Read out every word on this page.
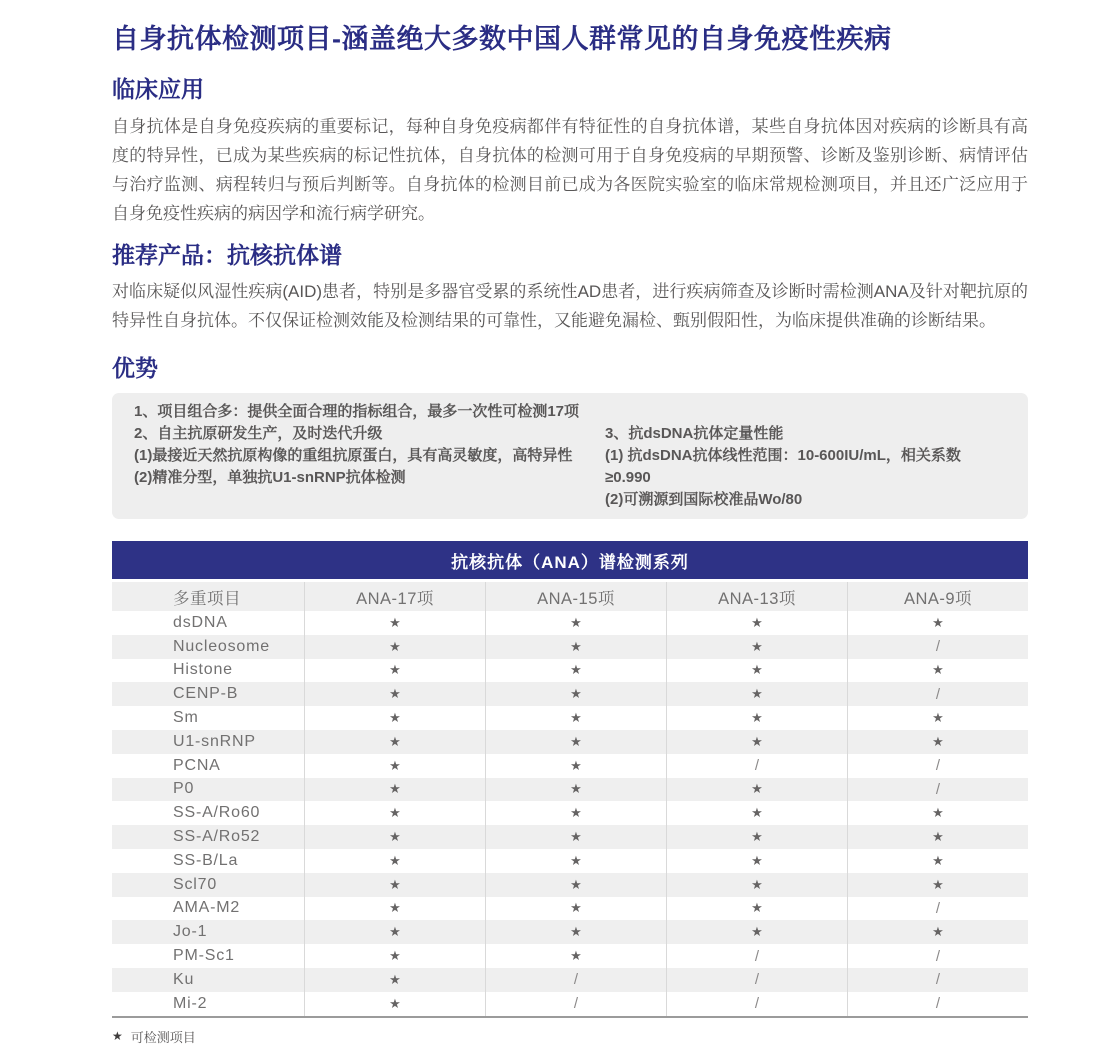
自身抗体检测项目-涵盖绝大多数中国人群常见的自身免疫性疾病
临床应用

自身抗体是自身免疫疾病的重要标记，每种自身免疫病都伴有特征性的自身抗体谱，某些自身抗体因对疾病的诊断具有高度的特异性，已成为某些疾病的标记性抗体，自身抗体的检测可用于自身免疫病的早期预警、诊断及鉴别诊断、病情评估与治疗监测、病程转归与预后判断等。自身抗体的检测目前已成为各医院实验室的临床常规检测项目，并且还广泛应用于自身免疫性疾病的病因学和流行病学研究。

推荐产品：抗核抗体谱

对临床疑似风湿性疾病(AID)患者，特别是多器官受累的系统性AD患者，进行疾病筛查及诊断时需检测ANA及针对靶抗原的特异性自身抗体。不仅保证检测效能及检测结果的可靠性，又能避免漏检、甄别假阳性，为临床提供准确的诊断结果。

优势
1、项目组合多：提供全面合理的指标组合，最多一次性可检测17项
2、自主抗原研发生产，及时迭代升级
(1)最接近天然抗原构像的重组抗原蛋白，具有高灵敏度，高特异性
(2)精准分型，单独抗U1-snRNP抗体检测
3、抗dsDNA抗体定量性能
(1) 抗dsDNA抗体线性范围：10-600IU/mL，相关系数≥0.990
(2)可溯源到国际校准品Wo/80
抗核抗体（ANA）谱检测系列
多重项目	ANA-17项	ANA-15项	ANA-13项	ANA-9项
dsDNA	★	★	★	★
Nucleosome	★	★	★	/
Histone	★	★	★	★
CENP-B	★	★	★	/
Sm	★	★	★	★
U1-snRNP	★	★	★	★
PCNA	★	★	/	/
P0	★	★	★	/
SS-A/Ro60	★	★	★	★
SS-A/Ro52	★	★	★	★
SS-B/La	★	★	★	★
Scl70	★	★	★	★
AMA-M2	★	★	★	/
Jo-1	★	★	★	★
PM-Sc1	★	★	/	/
Ku	★	/	/	/
Mi-2	★	/	/	/
★ 可检测项目
